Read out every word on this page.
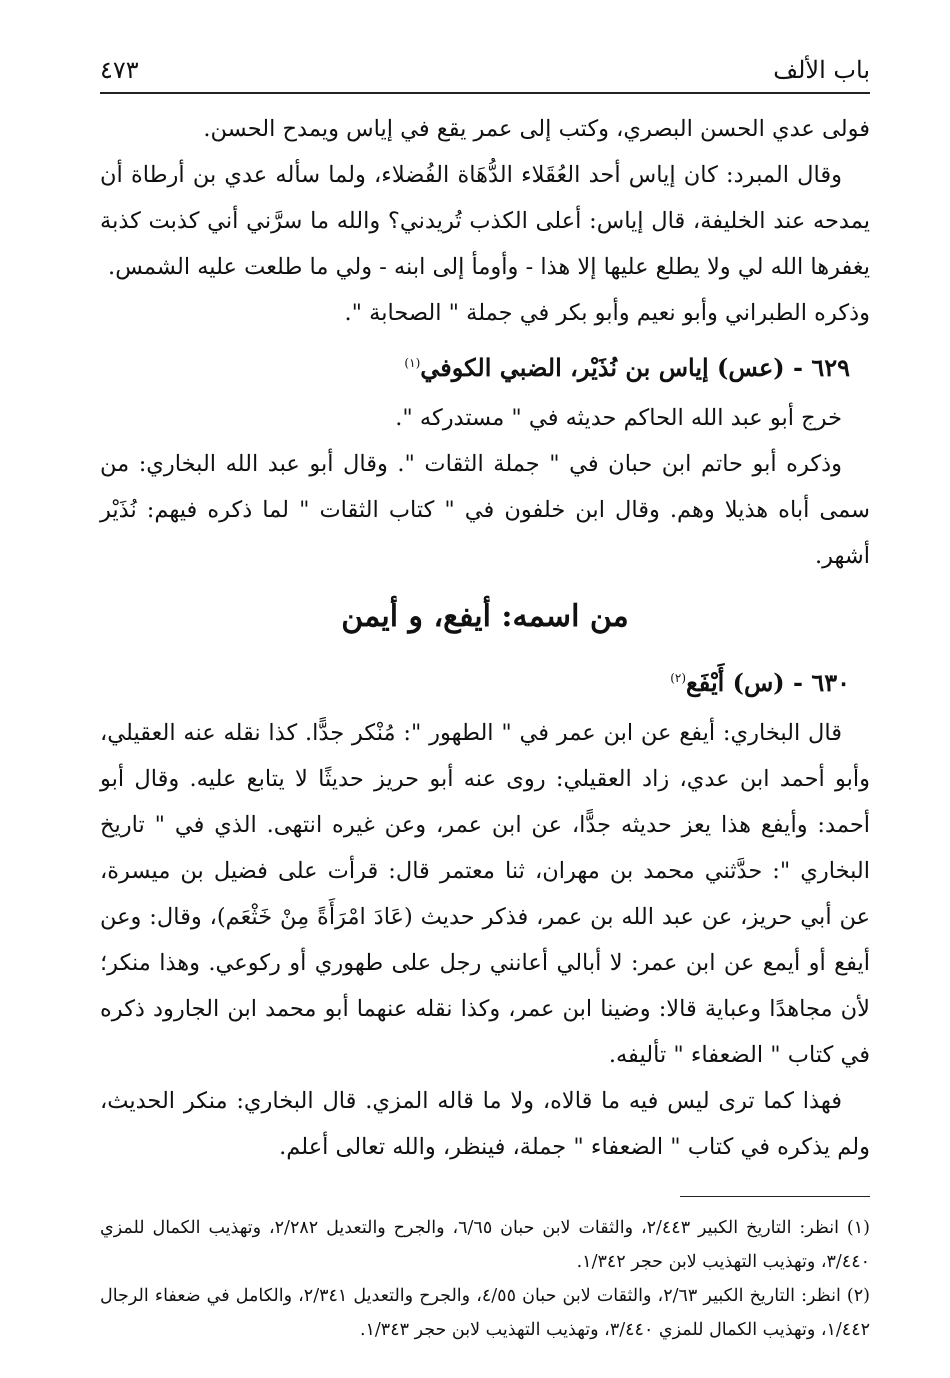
باب الألف
٤٧٣

فولى عدي الحسن البصري، وكتب إلى عمر يقع في إياس ويمدح الحسن.

وقال المبرد: كان إياس أحد العُقَلاء الدُّهَاة الفُضلاء، ولما سأله عدي بن أرطاة أن يمدحه عند الخليفة، قال إياس: أعلى الكذب تُريدني؟ والله ما سرَّني أني كذبت كذبة يغفرها الله لي ولا يطلع عليها إلا هذا - وأومأ إلى ابنه - ولي ما طلعت عليه الشمس.

وذكره الطبراني وأبو نعيم وأبو بكر في جملة " الصحابة ".

٦٢٩ - (عس) إياس بن نُذَيْر، الضبي الكوفي$^{(١)}$

خرج أبو عبد الله الحاكم حديثه في " مستدركه ".

وذكره أبو حاتم ابن حبان في " جملة الثقات ". وقال أبو عبد الله البخاري: من سمى أباه هذيلا وهم. وقال ابن خلفون في " كتاب الثقات " لما ذكره فيهم: نُذَيْر أشهر.

من اسمه: أيفع، و أيمن
٦٣٠ - (س) أَيْفَع$^{(٢)}$

قال البخاري: أيفع عن ابن عمر في " الطهور ": مُنْكر جدًّا. كذا نقله عنه العقيلي، وأبو أحمد ابن عدي، زاد العقيلي: روى عنه أبو حريز حديثًا لا يتابع عليه. وقال أبو أحمد: وأيفع هذا يعز حديثه جدًّا، عن ابن عمر، وعن غيره انتهى. الذي في " تاريخ البخاري ": حدَّثني محمد بن مهران، ثنا معتمر قال: قرأت على فضيل بن ميسرة، عن أبي حريز، عن عبد الله بن عمر، فذكر حديث (عَادَ امْرَأَةً مِنْ خَثْعَم)، وقال: وعن أيفع أو أيمع عن ابن عمر: لا أبالي أعانني رجل على طهوري أو ركوعي. وهذا منكر؛ لأن مجاهدًا وعباية قالا: وضينا ابن عمر، وكذا نقله عنهما أبو محمد ابن الجارود ذكره في كتاب " الضعفاء " تأليفه.

فهذا كما ترى ليس فيه ما قالاه، ولا ما قاله المزي. قال البخاري: منكر الحديث، ولم يذكره في كتاب " الضعفاء " جملة، فينظر، والله تعالى أعلم.

(١) انظر: التاريخ الكبير ٢/٤٤٣، والثقات لابن حبان ٦/٦٥، والجرح والتعديل ٢/٢٨٢، وتهذيب الكمال للمزي ٣/٤٤٠، وتهذيب التهذيب لابن حجر ١/٣٤٢.

(٢) انظر: التاريخ الكبير ٢/٦٣، والثقات لابن حبان ٤/٥٥، والجرح والتعديل ٢/٣٤١، والكامل في ضعفاء الرجال ١/٤٤٢، وتهذيب الكمال للمزي ٣/٤٤٠، وتهذيب التهذيب لابن حجر ١/٣٤٣.
